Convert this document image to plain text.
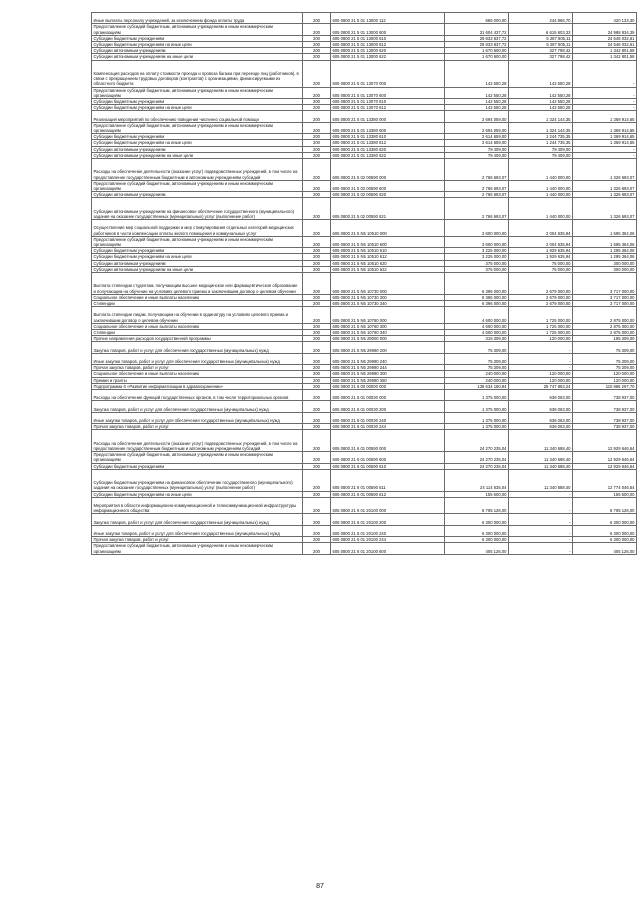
Иные выплаты персоналу учреждений, за исключением фонда оплаты труда	200	605 0800 21 5 01 13000 112	665 000,00	244 866,70	420 133,30
Предоставление субсидий бюджетным, автономным учреждениям и иным некоммерческим организациям	200	605 0800 21 5 01 13000 600	31 604 437,72	6 615 603,33	24 988 834,39
Субсидии бюджетным учреждениям	200	605 0800 21 5 01 13000 610	29 833 837,72	5 287 805,11	24 546 032,61
Субсидии бюджетным учреждениям на иные цели	200	605 0800 21 5 01 13000 612	29 833 837,72	5 287 805,11	24 546 032,61
Субсидии автономным учреждениям	200	605 0800 21 5 01 13000 620	1 670 600,00	327 798,42	1 342 801,58
Субсидии автономным учреждениям на иные цели	200	605 0800 21 5 01 13000 622	1 670 600,00	327 798,42	1 342 801,58
Компенсация расходов на оплату стоимости проезда и провоза багажа при переезде лиц (работников), в связи с прекращением трудовых договоров (контрактов) с организациями, финансируемыми из областного бюджета	200	605 0800 21 5 01 13070 000	142 550,28	142 550,28	-
Предоставление субсидий бюджетным, автономным учреждениям и иным некоммерческим организациям	200	605 0800 21 5 01 13070 600	142 550,28	142 550,28	-
Субсидии бюджетным учреждениям	200	605 0800 21 5 01 13070 610	142 550,28	142 550,28	-
Субсидии бюджетным учреждениям на иные цели	200	605 0800 21 5 01 13070 612	142 550,28	142 550,28	-
Реализация мероприятий по обеспечению поведения численно социальной помощи	200	605 0800 21 5 01 13380 000	2 694 059,00	1 324 144,35	1 369 914,65
Предоставление субсидий бюджетным, автономным учреждениям и иным некоммерческим организациям	200	605 0800 21 5 01 13380 600	2 694 059,00	1 324 144,35	1 369 914,65
Субсидии бюджетным учреждениям	200	605 0800 21 5 01 13380 610	2 614 659,00	1 244 735,35	1 369 914,65
Субсидии бюджетным учреждениям на иные цели	200	605 0800 21 5 01 13380 612	2 614 659,00	1 244 735,35	1 369 914,65
Субсидии автономным учреждениям	200	605 0800 21 5 01 13380 620	79 409,00	79 409,00	-
Субсидии автономным учреждениям на иные цели	200	605 0800 21 5 01 13380 622	79 409,00	79 409,00	-
Расходы на обеспечение деятельности (оказание услуг) подведомственных учреждений, в том числе на предоставление государственным бюджетным и автономным учреждениям субсидий	200	605 0800 21 5 02 00590 000	2 766 693,07	1 440 000,00	1 326 693,07
Предоставление субсидий бюджетным, автономным учреждениям и иным некоммерческим организациям	200	605 0800 21 5 02 00590 600	2 766 693,07	1 440 000,00	1 326 693,07
Субсидии автономным учреждениям	200	605 0800 21 5 02 00590 620	2 766 693,07	1 440 000,00	1 326 693,07
Субсидии автономным учреждениям на финансовое обеспечение государственного (муниципального) задания на оказание государственных (муниципальных) услуг (выполнение работ)	200	605 0800 21 5 02 00590 621	2 766 693,07	1 440 000,00	1 326 693,07
Осуществление мер социальной поддержки и мер стимулирования отдельных категорий медицинских работников в части компенсации оплаты жилого помещения и коммунальных услуг	200	605 0800 21 5 N5 10510 000	3 600 000,00	2 004 635,94	1 595 364,06
Предоставление субсидий бюджетным, автономным учреждениям и иным некоммерческим организациям	200	605 0800 21 5 N5 10510 600	3 600 000,00	2 004 635,94	1 595 364,06
Субсидии бюджетным учреждениям	200	605 0800 21 5 N5 10510 610	3 225 000,00	1 929 635,94	1 295 364,06
Субсидии бюджетным учреждениям на иные цели	200	605 0800 21 5 N5 10510 612	3 225 000,00	1 929 635,94	1 295 364,06
Субсидии автономным учреждениям	200	605 0800 21 5 N5 10510 620	375 000,00	75 000,00	300 000,00
Субсидии автономным учреждениям на иные цели	200	605 0800 21 5 N5 10510 622	375 000,00	75 000,00	300 000,00
Выплата стипендии студентам, получающим высшее медицинское или фармацевтическое образование и получающим на обучение на условиях целевого приема и заключившим договор о целевом обучении	200	605 0800 21 5 N5 10730 000	6 396 000,00	2 679 000,00	3 717 000,00
Социальное обеспечение и иные выплаты населению	200	605 0800 21 5 N5 10730 300	6 396 000,00	2 679 000,00	3 717 000,00
Стипендии	200	605 0800 21 5 N5 10730 340	6 396 000,00	2 679 000,00	3 717 000,00
Выплата стипендии лицам, получающим на обучении в ординатуру на условиях целевого приема и заключившим договор о целевом обучении	200	605 0800 21 5 N5 10760 000	4 600 000,00	1 725 000,00	2 875 000,00
Социальное обеспечение и иные выплаты населению	200	605 0800 21 5 N5 10760 300	4 600 000,00	1 725 000,00	2 875 000,00
Стипендии	200	605 0800 21 5 N5 10760 340	4 600 000,00	1 725 000,00	2 875 000,00
Прочие направления расходов государственной программы	200	605 0800 21 5 N5 29000 000	315 309,00	120 000,00	195 309,00
Закупка товаров, работ и услуг для обеспечения государственных (муниципальных) нужд	200	605 0800 21 5 N5 29990 200	75 309,00	-	75 309,00
Иные закупки товаров, работ и услуг для обеспечения государственных (муниципальных) нужд	200	605 0800 21 5 N5 29990 240	75 309,00	-	75 309,00
Прочая закупка товаров, работ и услуг	200	605 0800 21 5 N5 29990 244	75 309,00	-	75 309,00
Социальное обеспечение и иные выплаты населению	200	605 0800 21 5 N5 29990 300	240 000,00	120 000,00	120 000,00
Премии и гранты	200	605 0800 21 5 N5 29990 350	240 000,00	120 000,00	120 000,00
Подпрограмма 6 «Развитие информатизации в здравоохранении»	200	605 0800 21 6 00 00000 000	136 634 160,94	25 747 863,24	110 886 297,70
Расходы на обеспечение функций государственных органов, в том числе территориальных органов	200	605 0800 21 6 01 00030 000	1 375 000,00	636 063,00	738 937,00
Закупка товаров, работ и услуг для обеспечения государственных (муниципальных) нужд	200	605 0800 21 6 01 00030 200	1 375 000,00	636 063,00	738 937,00
Иные закупки товаров, работ и услуг для обеспечения государственных (муниципальных) нужд	200	605 0800 21 6 01 00030 240	1 375 000,00	636 063,00	738 937,00
Прочая закупка товаров, работ и услуг	200	605 0800 21 6 01 00030 244	1 375 000,00	636 063,00	738 937,00
Расходы на обеспечение деятельности (оказание услуг) подведомственных учреждений, в том числе на предоставление государственным бюджетным и автономным учреждениям субсидий	200	605 0800 21 6 01 00590 000	24 270 235,04	11 340 588,40	12 929 646,64
Предоставление субсидий бюджетным, автономным учреждениям и иным некоммерческим организациям	200	605 0800 21 6 01 00590 600	24 270 235,04	11 340 588,40	12 929 646,64
Субсидии бюджетным учреждениям	200	605 0800 21 6 01 00590 610	24 270 235,04	11 340 588,40	12 929 646,64
Субсидии бюджетным учреждениям на финансовое обеспечение государственного (муниципального) задания на оказание государственных (муниципальных) услуг (выполнение работ)	200	605 0800 21 6 01 00590 611	24 114 635,04	11 340 588,40	12 774 046,64
Субсидии бюджетным учреждениям на иные цели	200	605 0800 21 6 01 00590 612	155 600,00	-	155 600,00
Мероприятия в области информационно-коммуникационной и телекоммуникационной инфраструктуры информационного общества	200	605 0800 21 6 01 20100 000	6 705 126,00	-	6 705 126,00
Закупка товаров, работ и услуг для обеспечения государственных (муниципальных) нужд	200	605 0800 21 6 01 20100 200	6 300 000,00	-	6 300 000,00
Иные закупки товаров, работ и услуг для обеспечения государственных (муниципальных) нужд	200	605 0800 21 6 01 20100 240	6 300 000,00	-	6 300 000,00
Прочая закупка товаров, работ и услуг	200	605 0800 21 6 01 20100 244	6 300 000,00	-	6 300 000,00
Предоставление субсидий бюджетным, автономным учреждениям и иным некоммерческим организациям	200	605 0800 21 6 01 20100 600	405 126,00	-	405 126,00
87
